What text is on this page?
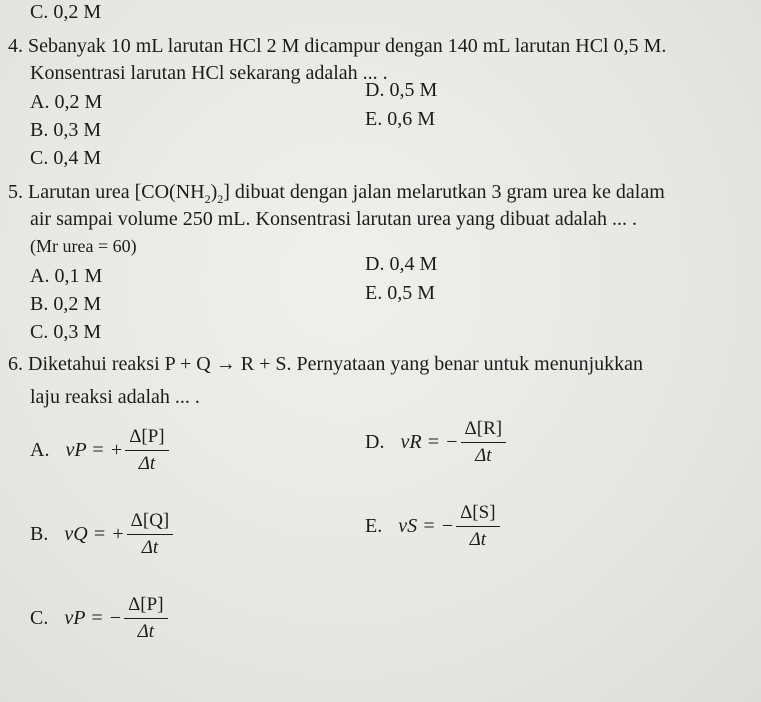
C. 0,2 M
4. Sebanyak 10 mL larutan HCl 2 M dicampur dengan 140 mL larutan HCl 0,5 M.
Konsentrasi larutan HCl sekarang adalah ... .
A. 0,2 M
B. 0,3 M
C. 0,4 M
D. 0,5 M
E. 0,6 M
5. Larutan urea $[CO(NH_2)_2]$ dibuat dengan jalan melarutkan 3 gram urea ke dalam
air sampai volume 250 mL. Konsentrasi larutan urea yang dibuat adalah ... .
(Mr urea = 60)
A. 0,1 M
B. 0,2 M
C. 0,3 M
D. 0,4 M
E. 0,5 M
6. Diketahui reaksi P + Q → R + S. Pernyataan yang benar untuk menunjukkan
laju reaksi adalah ... .
A. vP = + $\frac{\Delta[P]}{\Delta t}$
B. vQ = + $\frac{\Delta[Q]}{\Delta t}$
C. vP = − $\frac{\Delta[P]}{\Delta t}$
D. vR = − $\frac{\Delta[R]}{\Delta t}$
E. vS = − $\frac{\Delta[S]}{\Delta t}$
